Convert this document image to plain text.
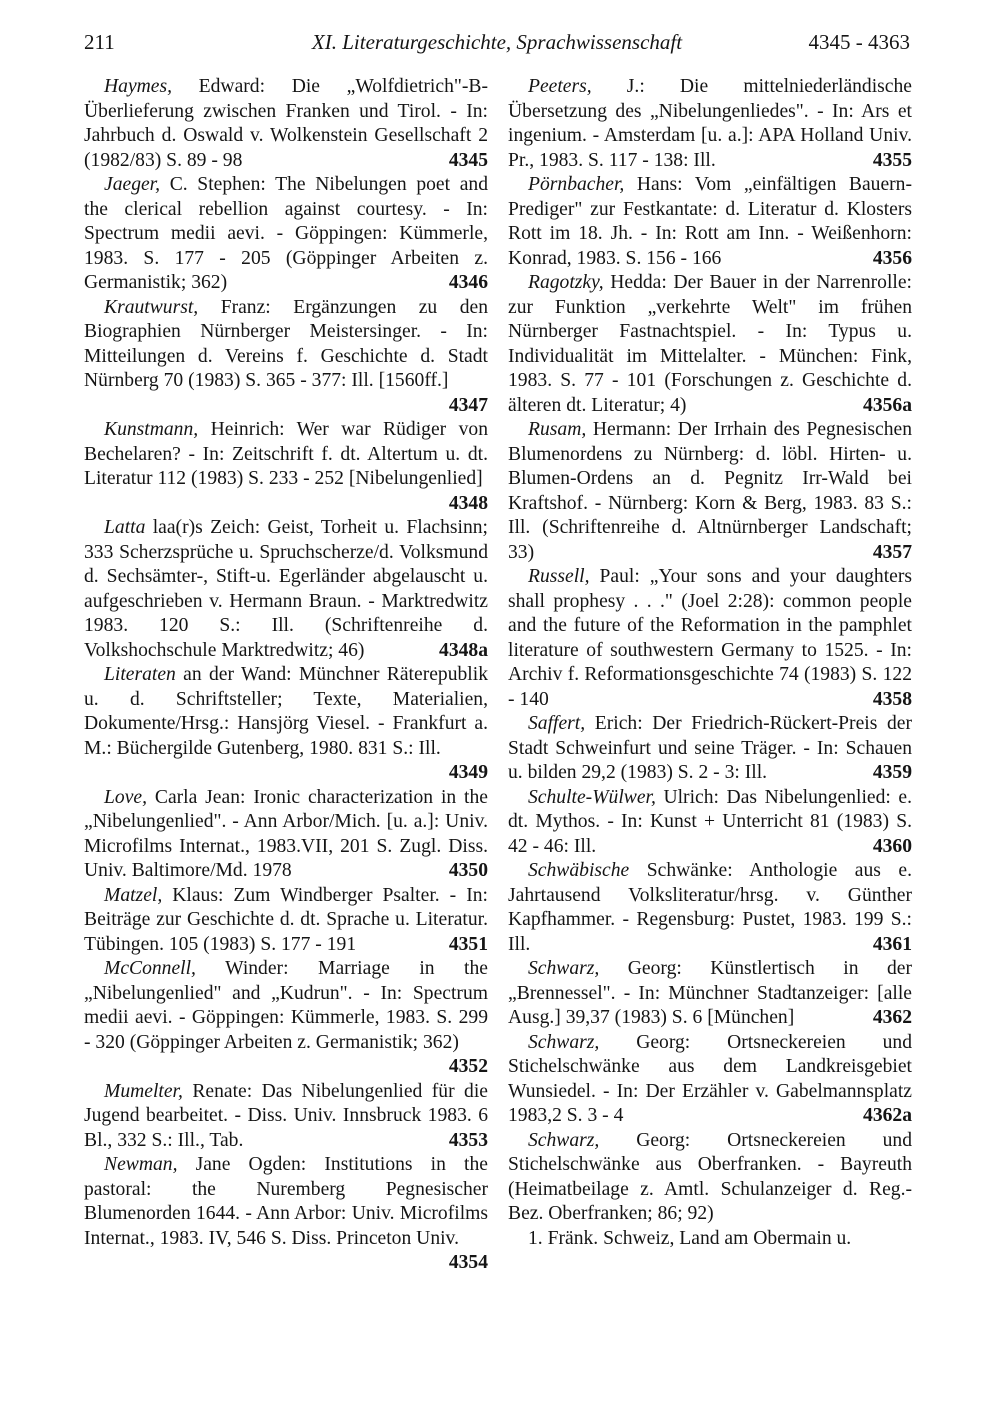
211	XI. Literaturgeschichte, Sprachwissenschaft	4345 - 4363

Haymes, Edward: Die „Wolfdietrich"-B-Überlieferung zwischen Franken und Tirol. - In: Jahrbuch d. Oswald v. Wolkenstein Gesellschaft 2 (1982/83) S. 89 - 98	4345

Jaeger, C. Stephen: The Nibelungen poet and the clerical rebellion against courtesy. - In: Spectrum medii aevi. - Göppingen: Kümmerle, 1983. S. 177 - 205 (Göppinger Arbeiten z. Germanistik; 362)	4346

Krautwurst, Franz: Ergänzungen zu den Biographien Nürnberger Meistersinger. - In: Mitteilungen d. Vereins f. Geschichte d. Stadt Nürnberg 70 (1983) S. 365 - 377: Ill. [1560ff.]
4347

Kunstmann, Heinrich: Wer war Rüdiger von Bechelaren? - In: Zeitschrift f. dt. Altertum u. dt. Literatur 112 (1983) S. 233 - 252 [Nibelungenlied]
4348

Latta laa(r)s Zeich: Geist, Torheit u. Flachsinn; 333 Scherzsprüche u. Spruchscherze/d. Volksmund d. Sechsämter-, Stift-u. Egerländer abgelauscht u. aufgeschrieben v. Hermann Braun. - Marktredwitz 1983. 120 S.: Ill. (Schriftenreihe d. Volkshochschule Marktredwitz; 46)	4348a

Literaten an der Wand: Münchner Räterepublik u. d. Schriftsteller; Texte, Materialien, Dokumente/Hrsg.: Hansjörg Viesel. - Frankfurt a. M.: Büchergilde Gutenberg, 1980. 831 S.: Ill.
4349

Love, Carla Jean: Ironic characterization in the „Nibelungenlied". - Ann Arbor/Mich. [u. a.]: Univ. Microfilms Internat., 1983.VII, 201 S. Zugl. Diss. Univ. Baltimore/Md. 1978	4350

Matzel, Klaus: Zum Windberger Psalter. - In: Beiträge zur Geschichte d. dt. Sprache u. Literatur. Tübingen. 105 (1983) S. 177 - 191	4351

McConnell, Winder: Marriage in the „Nibelungenlied" and „Kudrun". - In: Spectrum medii aevi. - Göppingen: Kümmerle, 1983. S. 299 - 320 (Göppinger Arbeiten z. Germanistik; 362)
4352

Mumelter, Renate: Das Nibelungenlied für die Jugend bearbeitet. - Diss. Univ. Innsbruck 1983. 6 Bl., 332 S.: Ill., Tab.	4353

Newman, Jane Ogden: Institutions in the pastoral: the Nuremberg Pegnesischer Blumenorden 1644. - Ann Arbor: Univ. Microfilms Internat., 1983. IV, 546 S. Diss. Princeton Univ.
4354

Peeters, J.: Die mittelniederländische Übersetzung des „Nibelungenliedes". - In: Ars et ingenium. - Amsterdam [u. a.]: APA Holland Univ. Pr., 1983. S. 117 - 138: Ill.	4355

Pörnbacher, Hans: Vom „einfältigen Bauern-Prediger" zur Festkantate: d. Literatur d. Klosters Rott im 18. Jh. - In: Rott am Inn. - Weißenhorn: Konrad, 1983. S. 156 - 166	4356

Ragotzky, Hedda: Der Bauer in der Narrenrolle: zur Funktion „verkehrte Welt" im frühen Nürnberger Fastnachtspiel. - In: Typus u. Individualität im Mittelalter. - München: Fink, 1983. S. 77 - 101 (Forschungen z. Geschichte d. älteren dt. Literatur; 4)	4356a

Rusam, Hermann: Der Irrhain des Pegnesischen Blumenordens zu Nürnberg: d. löbl. Hirten- u. Blumen-Ordens an d. Pegnitz Irr-Wald bei Kraftshof. - Nürnberg: Korn & Berg, 1983. 83 S.: Ill. (Schriftenreihe d. Altnürnberger Landschaft; 33)	4357

Russell, Paul: „Your sons and your daughters shall prophesy . . ." (Joel 2:28): common people and the future of the Reformation in the pamphlet literature of southwestern Germany to 1525. - In: Archiv f. Reformationsgeschichte 74 (1983) S. 122 - 140	4358

Saffert, Erich: Der Friedrich-Rückert-Preis der Stadt Schweinfurt und seine Träger. - In: Schauen u. bilden 29,2 (1983) S. 2 - 3: Ill.	4359

Schulte-Wülwer, Ulrich: Das Nibelungenlied: e. dt. Mythos. - In: Kunst + Unterricht 81 (1983) S. 42 - 46: Ill.	4360

Schwäbische Schwänke: Anthologie aus e. Jahrtausend Volksliteratur/hrsg. v. Günther Kapfhammer. - Regensburg: Pustet, 1983. 199 S.: Ill.	4361

Schwarz, Georg: Künstlertisch in der „Brennessel". - In: Münchner Stadtanzeiger: [alle Ausg.] 39,37 (1983) S. 6 [München]	4362

Schwarz, Georg: Ortsneckereien und Stichelschwänke aus dem Landkreisgebiet Wunsiedel. - In: Der Erzähler v. Gabelmannsplatz 1983,2 S. 3 - 4	4362a

Schwarz, Georg: Ortsneckereien und Stichelschwänke aus Oberfranken. - Bayreuth (Heimatbeilage z. Amtl. Schulanzeiger d. Reg.-Bez. Oberfranken; 86; 92)

1. Fränk. Schweiz, Land am Obermain u.
